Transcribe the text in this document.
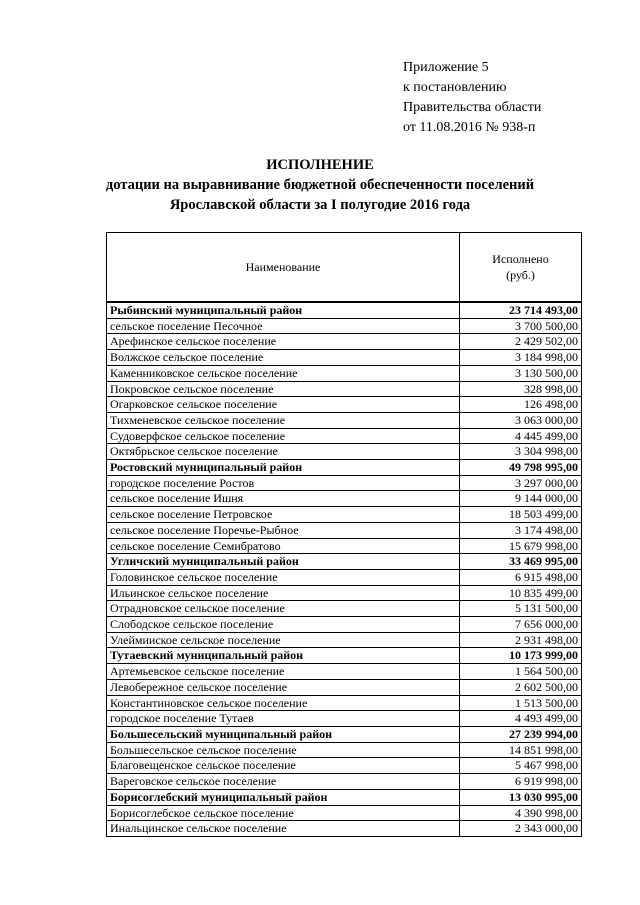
Приложение 5
к постановлению
Правительства области
от 11.08.2016 № 938-п
ИСПОЛНЕНИЕ
дотации на выравнивание бюджетной обеспеченности поселений
Ярославской области за I полугодие 2016 года
Наименование	Исполнено
(руб.)

Рыбинский муниципальный район	23 714 493,00
сельское поселение Песочное	3 700 500,00
Арефинское сельское поселение	2 429 502,00
Волжское сельское поселение	3 184 998,00
Каменниковское сельское поселение	3 130 500,00
Покровское сельское поселение	328 998,00
Огарковское сельское поселение	126 498,00
Тихменевское сельское поселение	3 063 000,00
Судоверфское сельское поселение	4 445 499,00
Октябрьское сельское поселение	3 304 998,00
Ростовский муниципальный район	49 798 995,00
городское поселение Ростов	3 297 000,00
сельское поселение Ишня	9 144 000,00
сельское поселение Петровское	18 503 499,00
сельское поселение Поречье-Рыбное	3 174 498,00
сельское поселение Семибратово	15 679 998,00
Угличский муниципальный район	33 469 995,00
Головинское сельское поселение	6 915 498,00
Ильинское сельское поселение	10 835 499,00
Отрадновское сельское поселение	5 131 500,00
Слободское сельское поселение	7 656 000,00
Улеймииское сельское поселение	2 931 498,00
Тутаевский муниципальный район	10 173 999,00
Артемьевское сельское поселение	1 564 500,00
Левобережное сельское поселение	2 602 500,00
Константиновское сельское поселение	1 513 500,00
городское поселение Тутаев	4 493 499,00
Большесельский муниципальный район	27 239 994,00
Большесельское сельское поселение	14 851 998,00
Благовещенское сельское поселение	5 467 998,00
Вареговское сельское поселение	6 919 998,00
Борисоглебский муниципальный район	13 030 995,00
Борисоглебское сельское поселение	4 390 998,00
Инальцинское сельское поселение	2 343 000,00
